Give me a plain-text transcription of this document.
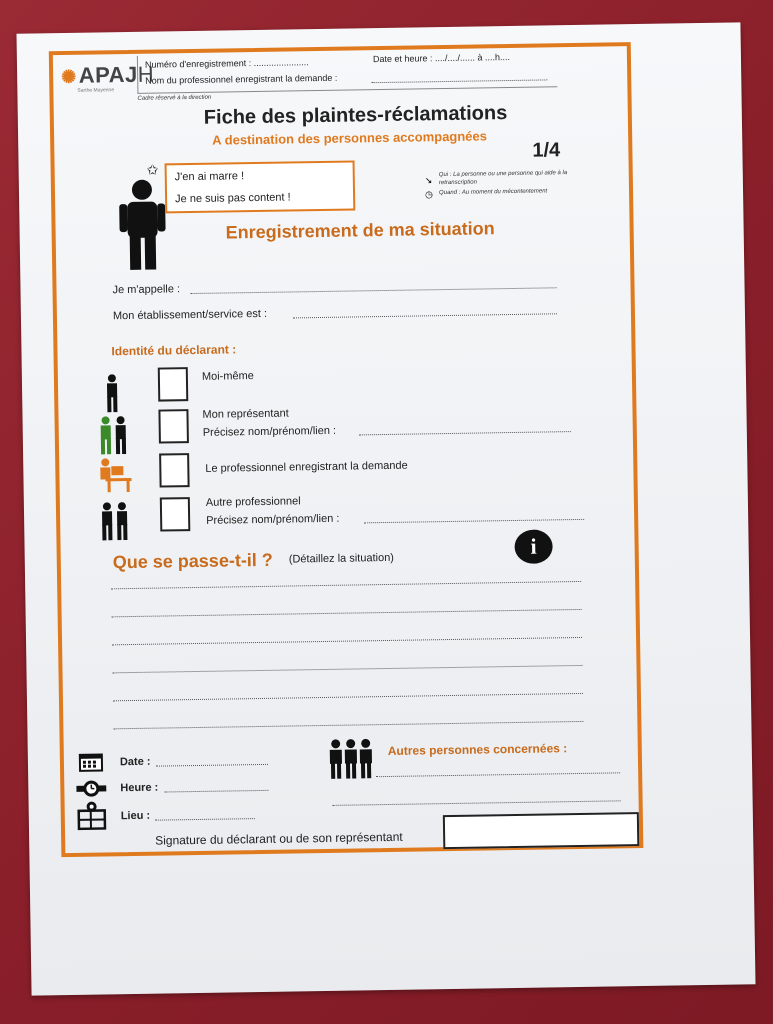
✺APAJH
Sarthe Mayenne
Numéro d'enregistrement : ......................	Date et heure : ..../..../...... à ....h....
Nom du professionnel enregistrant la demande :
Cadre réservé à la direction
Fiche des plaintes-réclamations
A destination des personnes accompagnées
1/4
✩ J'en ai marre !
Je ne suis pas content !
↘
Qui : La personne ou une personne qui aide à la retranscription
◷ Quand : Au moment du mécontentement
Enregistrement de ma situation
Je m'appelle :
Mon établissement/service est :
Identité du déclarant :
Moi-même
Mon représentant
Précisez nom/prénom/lien :
Le professionnel enregistrant la demande
Autre professionnel
Précisez nom/prénom/lien :
Que se passe-t-il ? (Détaillez la situation)	i
Date :
Heure :
Lieu :
Autres personnes concernées :
Signature du déclarant ou de son représentant
